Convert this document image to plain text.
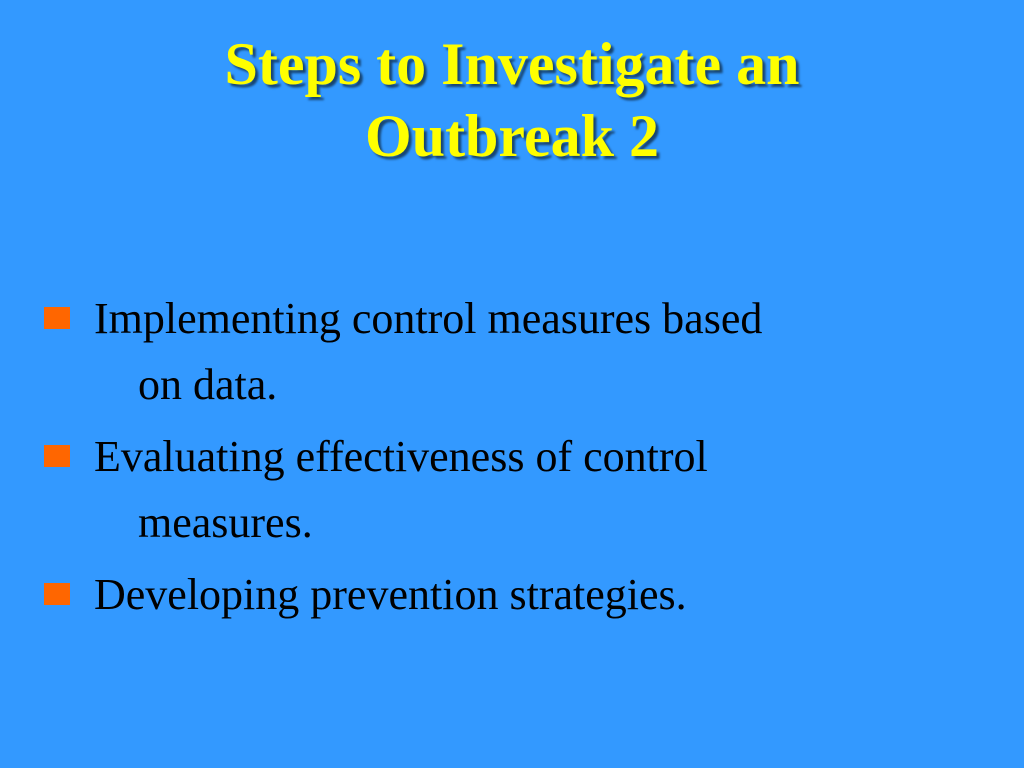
Steps to Investigate an
Outbreak 2
Implementing control measures based
on data.
Evaluating effectiveness of control
measures.
Developing prevention strategies.
